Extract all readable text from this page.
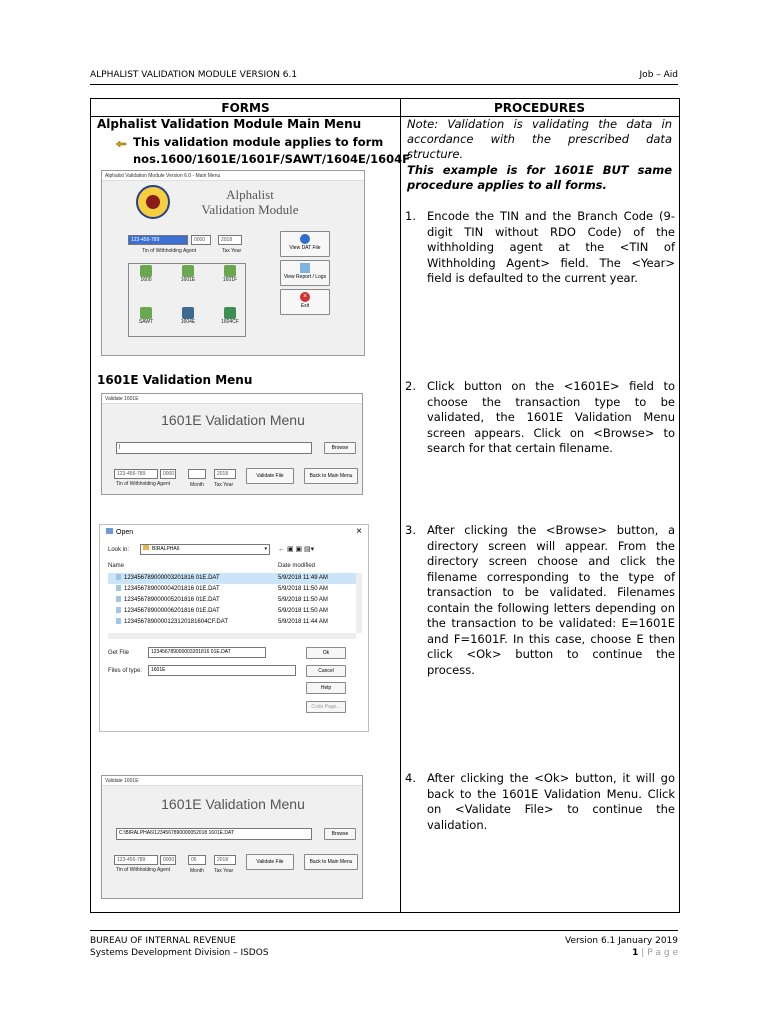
ALPHALIST VALIDATION MODULE VERSION 6.1	Job – Aid
FORMS	PROCEDURES
Alphalist Validation Module Main Menu
This validation module applies to form
nos.1600/1601E/1601F/SAWT/1604E/1604F
Alphalist Validation Module Version 6.0 - Main Menu
Alphalist
Validation Module
123-456-789	0000	2018
Tin of Withholding Agent	Tax Year
1600	1601E	1601F
SAWT	1604E	1604CF
View DAT File
View Report / Logs
×
Exit
1601E Validation Menu
Validate 1601E
1601E Validation Menu
|	Browse
123-456-789	0000	2018
Tin of Withholding Agent	Month Tax Year
Validate File	Back to Main Menu
Open	×
Look in:	BIRALPHA6	▾ ← ▣ ▣ ▤▾
Name	Date modified
123456789000003201816 01E.DAT	5/9/2018 11:49 AM
123456789000004201816 01E.DAT	5/9/2018 11:50 AM
123456789000005201816 01E.DAT	5/9/2018 11:50 AM
123456789000006201816 01E.DAT	5/9/2018 11:50 AM
1234567890000123120181604CF.DAT	5/9/2018 11:44 AM
Get File	123456789000003201816 01E.DAT	Ok
Files of type:	1601E	Cancel
Help
Code Page...
Validate 1601E
1601E Validation Menu
C:\BIRALPHA6\1234567890000052018 1601E.DAT	Browse
123-456-789	0000	05	2018
Tin of Withholding Agent	Month Tax Year
Validate File	Back to Main Menu
Note: Validation is validating the data in accordance with the prescribed data structure.
This example is for 1601E BUT same procedure applies to all forms.
1. Encode the TIN and the Branch Code (9-digit TIN without RDO Code) of the withholding agent at the <TIN of Withholding Agent> field. The <Year> field is defaulted to the current year.
2. Click button on the <1601E> field to choose the transaction type to be validated, the 1601E Validation Menu screen appears. Click on <Browse> to search for that certain filename.
3. After clicking the <Browse> button, a directory screen will appear. From the directory screen choose and click the filename corresponding to the type of transaction to be validated. Filenames contain the following letters depending on the transaction to be validated: E=1601E and F=1601F. In this case, choose E then click <Ok> button to continue the process.
4. After clicking the <Ok> button, it will go back to the 1601E Validation Menu. Click on <Validate File> to continue the validation.
BUREAU OF INTERNAL REVENUE	Version 6.1 January 2019
Systems Development Division – ISDOS	1 | P a g e
